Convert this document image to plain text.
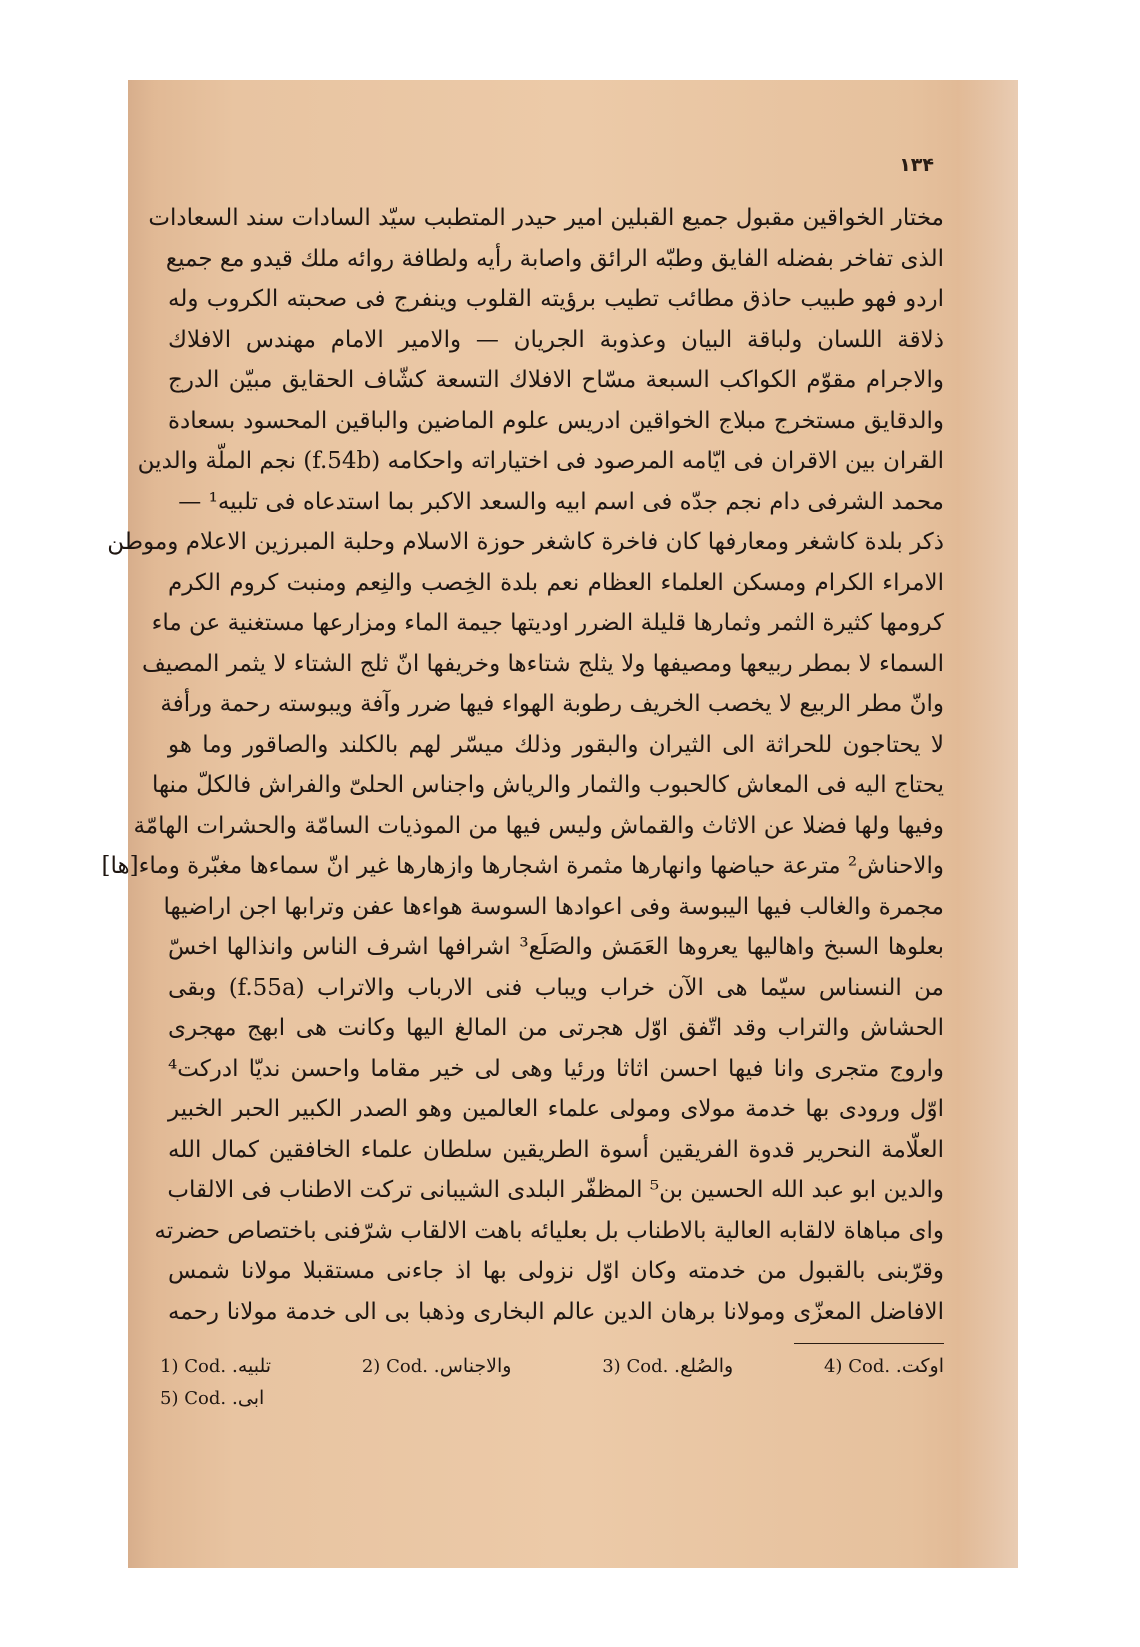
۱۳۴
مختار الخواقين مقبول جميع القبلين امير حيدر المتطبب سيّد السادات سند السعادات
الذى تفاخر بفضله الفايق وطبّه الرائق واصابة رأيه ولطافة روائه ملك قيدو مع جميع
اردو فهو طبيب حاذق مطائب تطيب برؤيته القلوب وينفرج فى صحبته الكروب وله
ذلاقة اللسان ولباقة البيان وعذوبة الجريان — والامير الامام مهندس الافلاك
والاجرام مقوّم الكواكب السبعة مسّاح الافلاك التسعة كشّاف الحقايق مبيّن الدرج
والدقايق مستخرج مبلاج الخواقين ادريس علوم الماضين والباقين المحسود بسعادة
القران بين الاقران فى ايّامه المرصود فى اختياراته واحكامه (f.54b) نجم الملّة والدين
محمد الشرفى دام نجم جدّه فى اسم ابيه والسعد الاكبر بما استدعاه فى تلبيه¹ —
ذكر بلدة كاشغر ومعارفها كان فاخرة كاشغر حوزة الاسلام وحلبة المبرزين الاعلام وموطن
الامراء الكرام ومسكن العلماء العظام نعم بلدة الخِصب والنِعم ومنبت كروم الكرم
كرومها كثيرة الثمر وثمارها قليلة الضرر اوديتها جيمة الماء ومزارعها مستغنية عن ماء
السماء لا بمطر ربيعها ومصيفها ولا يثلج شتاءها وخريفها انّ ثلج الشتاء لا يثمر المصيف
وانّ مطر الربيع لا يخصب الخريف رطوبة الهواء فيها ضرر وآفة ويبوسته رحمة ورأفة
لا يحتاجون للحراثة الى الثيران والبقور وذلك ميسّر لهم بالكلند والصاقور وما هو
يحتاج اليه فى المعاش كالحبوب والثمار والرياش واجناس الحلىّ والفراش فالكلّ منها
وفيها ولها فضلا عن الاثاث والقماش وليس فيها من الموذيات السامّة والحشرات الهامّة
والاحناش² مترعة حياضها وانهارها مثمرة اشجارها وازهارها غير انّ سماءها مغبّرة وماء[ها]
مجمرة والغالب فيها اليبوسة وفى اعوادها السوسة هواءها عفن وترابها اجن اراضيها
بعلوها السبخ واهاليها يعروها العَمَش والصَلَع³ اشرافها اشرف الناس وانذالها اخسّ
من النسناس سيّما هى الآن خراب ويباب فنى الارباب والاتراب (f.55a) وبقى
الحشاش والتراب وقد اتّفق اوّل هجرتى من المالغ اليها وكانت هى ابهج مهجرى
واروج متجرى وانا فيها احسن اثاثا ورئيا وهى لى خير مقاما واحسن نديّا ادركت⁴
اوّل ورودى بها خدمة مولاى ومولى علماء العالمين وهو الصدر الكبير الحبر الخبير
العلّامة النحرير قدوة الفريقين أسوة الطريقين سلطان علماء الخافقين كمال الله
والدين ابو عبد الله الحسين بن⁵ المظفّر البلدى الشيبانى تركت الاطناب فى الالقاب
واى مباهاة لالقابه العالية بالاطناب بل بعليائه باهت الالقاب شرّفنى باختصاص حضرته
وقرّبنى بالقبول من خدمته وكان اوّل نزولى بها اذ جاءنى مستقبلا مولانا شمس
الافاضل المعزّى ومولانا برهان الدين عالم البخارى وذهبا بى الى خدمة مولانا رحمه
1) Cod. تلبيه.	2) Cod. والاجناس.	3) Cod. والصُلع.	4) Cod. اوكت.
5) Cod. ابى.
